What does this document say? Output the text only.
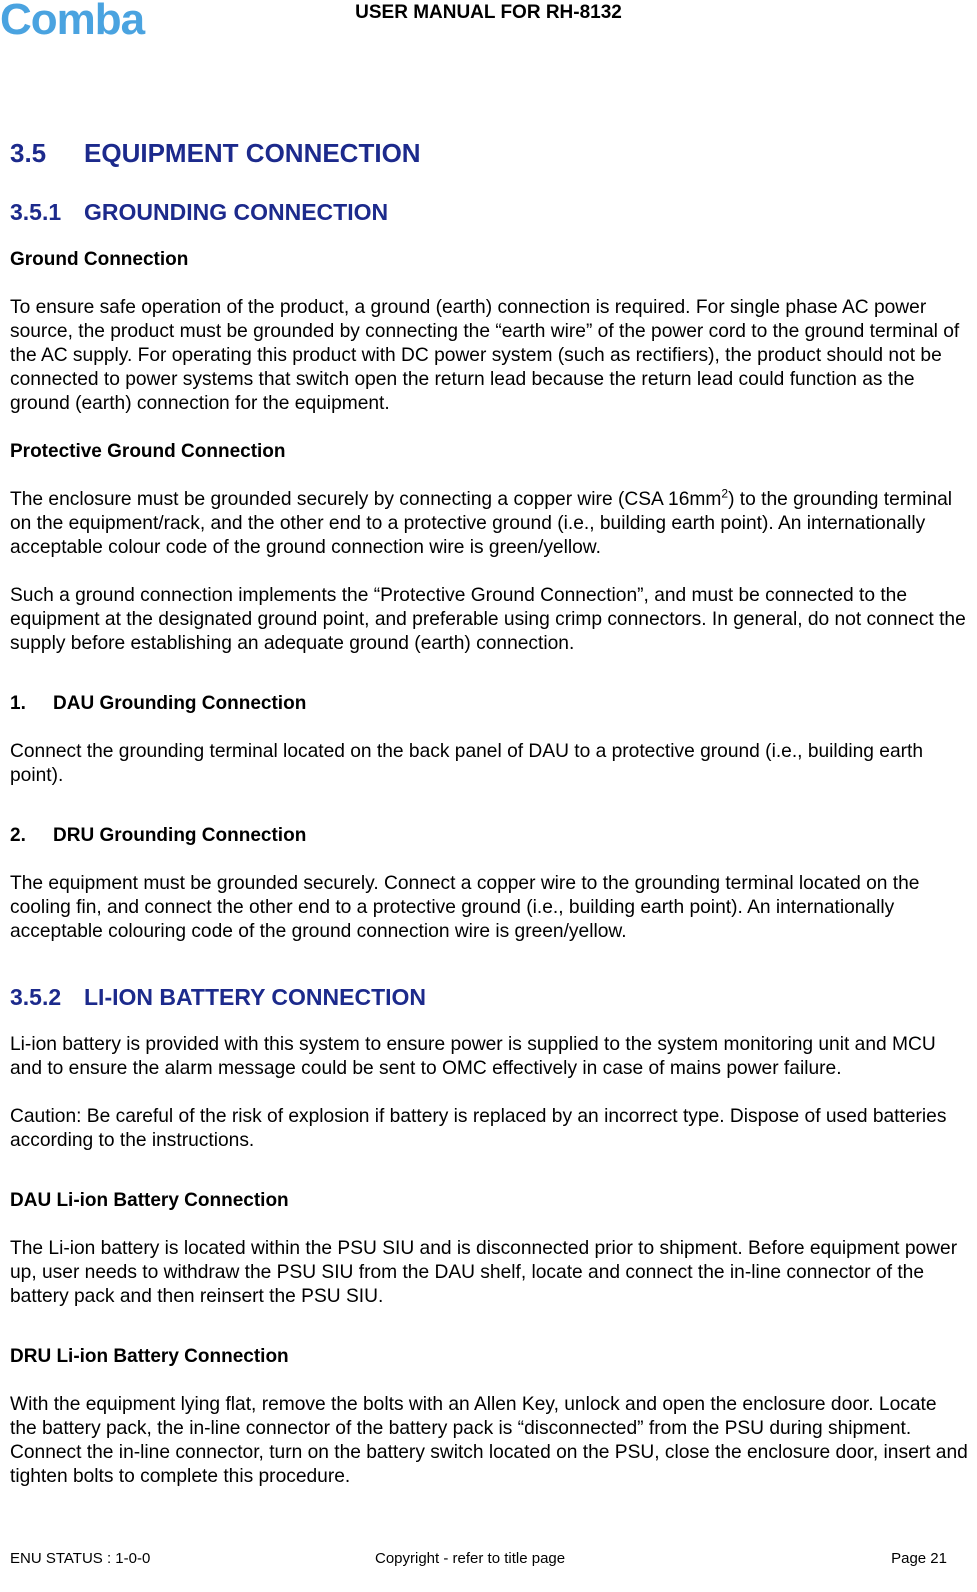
Comba	USER MANUAL FOR RH-8132
3.5 EQUIPMENT CONNECTION
3.5.1 GROUNDING CONNECTION
Ground Connection

To ensure safe operation of the product, a ground (earth) connection is required. For single phase AC power source, the product must be grounded by connecting the “earth wire” of the power cord to the ground terminal of the AC supply. For operating this product with DC power system (such as rectifiers), the product should not be connected to power systems that switch open the return lead because the return lead could function as the ground (earth) connection for the equipment.

Protective Ground Connection

The enclosure must be grounded securely by connecting a copper wire (CSA $16mm^2$) to the grounding terminal on the equipment/rack, and the other end to a protective ground (i.e., building earth point). An internationally acceptable colour code of the ground connection wire is green/yellow.

Such a ground connection implements the “Protective Ground Connection”, and must be connected to the equipment at the designated ground point, and preferable using crimp connectors. In general, do not connect the supply before establishing an adequate ground (earth) connection.

1. DAU Grounding Connection

Connect the grounding terminal located on the back panel of DAU to a protective ground (i.e., building earth point).

2. DRU Grounding Connection

The equipment must be grounded securely. Connect a copper wire to the grounding terminal located on the cooling fin, and connect the other end to a protective ground (i.e., building earth point). An internationally acceptable colouring code of the ground connection wire is green/yellow.

3.5.2 LI-ION BATTERY CONNECTION

Li-ion battery is provided with this system to ensure power is supplied to the system monitoring unit and MCU and to ensure the alarm message could be sent to OMC effectively in case of mains power failure.

Caution: Be careful of the risk of explosion if battery is replaced by an incorrect type. Dispose of used batteries according to the instructions.

DAU Li-ion Battery Connection

The Li-ion battery is located within the PSU SIU and is disconnected prior to shipment. Before equipment power up, user needs to withdraw the PSU SIU from the DAU shelf, locate and connect the in-line connector of the battery pack and then reinsert the PSU SIU.

DRU Li-ion Battery Connection

With the equipment lying flat, remove the bolts with an Allen Key, unlock and open the enclosure door. Locate the battery pack, the in-line connector of the battery pack is “disconnected” from the PSU during shipment. Connect the in-line connector, turn on the battery switch located on the PSU, close the enclosure door, insert and tighten bolts to complete this procedure.

ENU STATUS : 1-0-0	Copyright - refer to title page	Page 21
